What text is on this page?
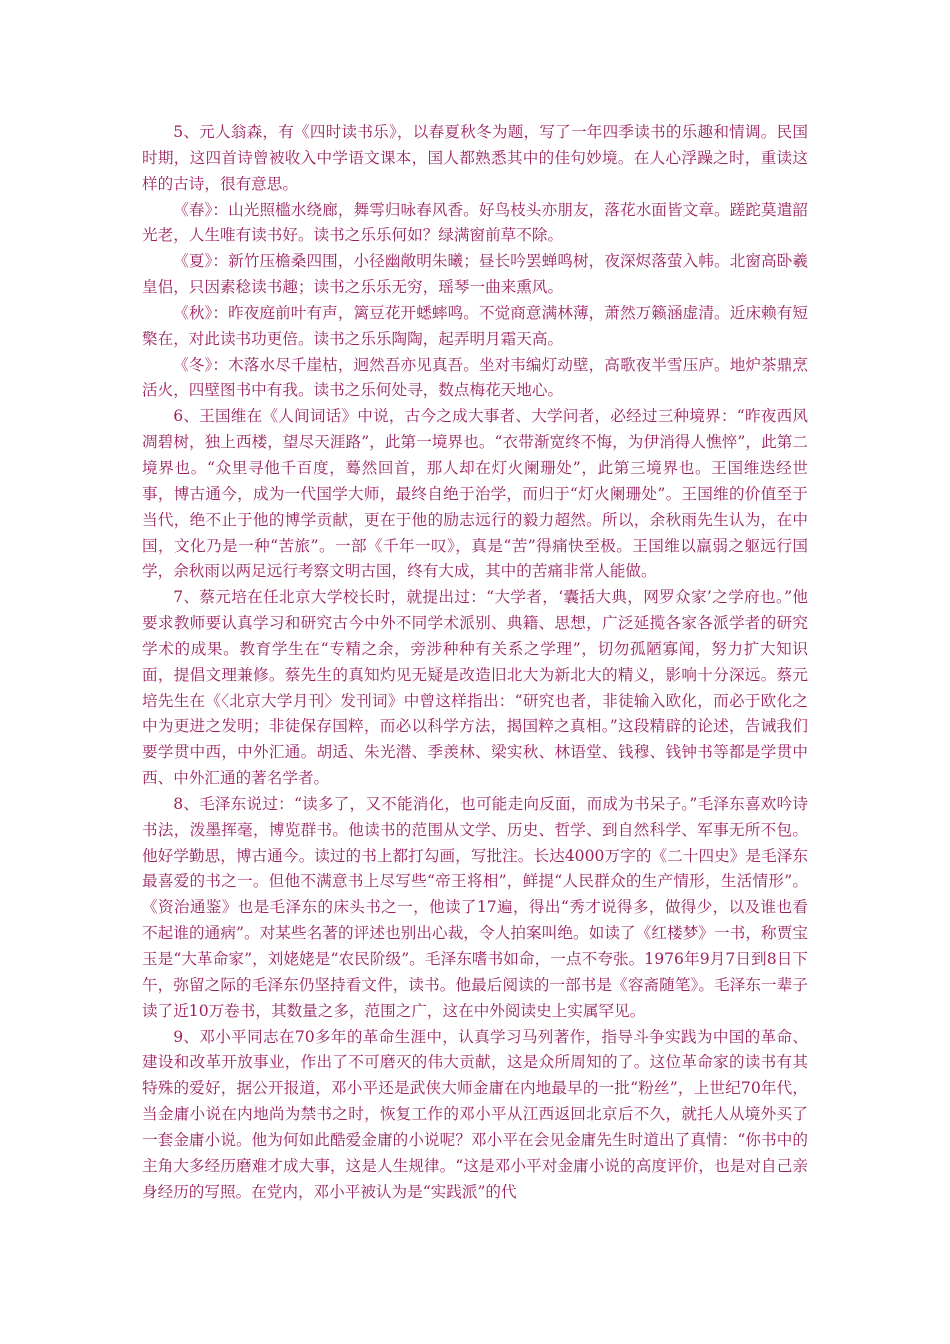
5、元人翁森，有《四时读书乐》，以春夏秋冬为题，写了一年四季读书的乐趣和情调。民国时期，这四首诗曾被收入中学语文课本，国人都熟悉其中的佳句妙境。在人心浮躁之时，重读这样的古诗，很有意思。

《春》：山光照槛水绕廊，舞雩归咏春风香。好鸟枝头亦朋友，落花水面皆文章。蹉跎莫遣韶光老，人生唯有读书好。读书之乐乐何如？绿满窗前草不除。

《夏》：新竹压檐桑四围，小径幽敞明朱曦；昼长吟罢蝉鸣树，夜深烬落萤入帏。北窗高卧羲皇侣，只因素稔读书趣；读书之乐乐无穷，瑶琴一曲来熏风。

《秋》：昨夜庭前叶有声，篱豆花开蟋蟀鸣。不觉商意满林薄，萧然万籁涵虚清。近床赖有短檠在，对此读书功更倍。读书之乐乐陶陶，起弄明月霜天高。

《冬》：木落水尽千崖枯，迥然吾亦见真吾。坐对韦编灯动壁，高歌夜半雪压庐。地炉茶鼎烹活火，四壁图书中有我。读书之乐何处寻，数点梅花天地心。

6、王国维在《人间词话》中说，古今之成大事者、大学问者，必经过三种境界：“昨夜西风凋碧树，独上西楼，望尽天涯路”，此第一境界也。“衣带渐宽终不悔，为伊消得人憔悴”，此第二境界也。“众里寻他千百度，蓦然回首，那人却在灯火阑珊处”，此第三境界也。王国维迭经世事，博古通今，成为一代国学大师，最终自绝于治学，而归于“灯火阑珊处”。王国维的价值至于当代，绝不止于他的博学贡献，更在于他的励志远行的毅力超然。所以，余秋雨先生认为，在中国，文化乃是一种“苦旅”。一部《千年一叹》，真是“苦”得痛快至极。王国维以羸弱之躯远行国学，余秋雨以两足远行考察文明古国，终有大成，其中的苦痛非常人能做。

7、蔡元培在任北京大学校长时，就提出过：“大学者，‘囊括大典，网罗众家’之学府也。”他要求教师要认真学习和研究古今中外不同学术派别、典籍、思想，广泛延揽各家各派学者的研究学术的成果。教育学生在“专精之余，旁涉种种有关系之学理”，切勿孤陋寡闻，努力扩大知识面，提倡文理兼修。蔡先生的真知灼见无疑是改造旧北大为新北大的精义，影响十分深远。蔡元培先生在《〈北京大学月刊〉发刊词》中曾这样指出：“研究也者，非徒输入欧化，而必于欧化之中为更进之发明；非徒保存国粹，而必以科学方法，揭国粹之真相。”这段精辟的论述，告诫我们要学贯中西，中外汇通。胡适、朱光潜、季羡林、梁实秋、林语堂、钱穆、钱钟书等都是学贯中西、中外汇通的著名学者。

8、毛泽东说过：“读多了，又不能消化，也可能走向反面，而成为书呆子。”毛泽东喜欢吟诗书法，泼墨挥毫，博览群书。他读书的范围从文学、历史、哲学、到自然科学、军事无所不包。他好学勤思，博古通今。读过的书上都打勾画，写批注。长达4000万字的《二十四史》是毛泽东最喜爱的书之一。但他不满意书上尽写些“帝王将相”，鲜提“人民群众的生产情形，生活情形”。《资治通鉴》也是毛泽东的床头书之一，他读了17遍，得出“秀才说得多，做得少，以及谁也看不起谁的通病”。对某些名著的评述也别出心裁，令人拍案叫绝。如读了《红楼梦》一书，称贾宝玉是“大革命家”，刘姥姥是“农民阶级”。毛泽东嗜书如命，一点不夸张。1976年9月7日到8日下午，弥留之际的毛泽东仍坚持看文件，读书。他最后阅读的一部书是《容斋随笔》。毛泽东一辈子读了近10万卷书，其数量之多，范围之广，这在中外阅读史上实属罕见。

9、邓小平同志在70多年的革命生涯中，认真学习马列著作，指导斗争实践为中国的革命、建设和改革开放事业，作出了不可磨灭的伟大贡献，这是众所周知的了。这位革命家的读书有其特殊的爱好，据公开报道，邓小平还是武侠大师金庸在内地最早的一批“粉丝”，上世纪70年代，当金庸小说在内地尚为禁书之时，恢复工作的邓小平从江西返回北京后不久，就托人从境外买了一套金庸小说。他为何如此酷爱金庸的小说呢？邓小平在会见金庸先生时道出了真情：“你书中的主角大多经历磨难才成大事，这是人生规律。“这是邓小平对金庸小说的高度评价，也是对自己亲身经历的写照。在党内，邓小平被认为是“实践派”的代
